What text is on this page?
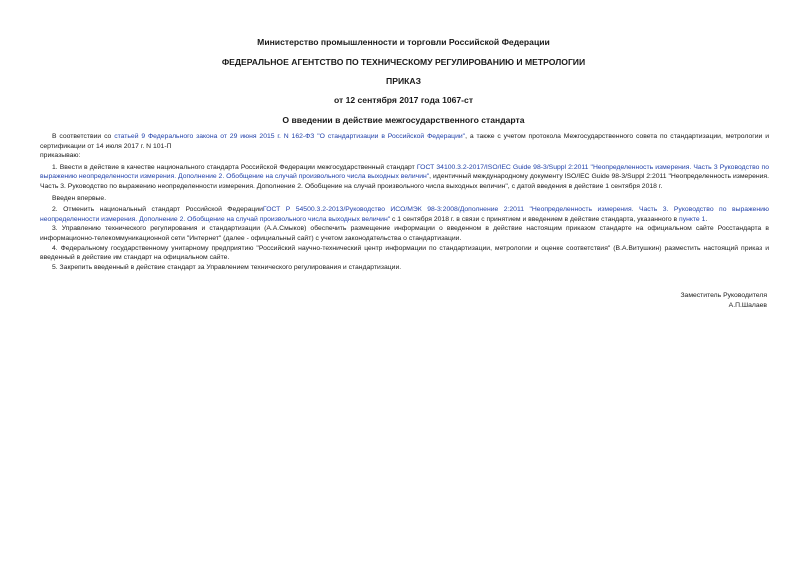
Министерство промышленности и торговли Российской Федерации
ФЕДЕРАЛЬНОЕ АГЕНТСТВО ПО ТЕХНИЧЕСКОМУ РЕГУЛИРОВАНИЮ И МЕТРОЛОГИИ
ПРИКАЗ
от 12 сентября 2017 года 1067-ст
О введении в действие межгосударственного стандарта

В соответствии со статьей 9 Федерального закона от 29 июня 2015 г. N 162-ФЗ "О стандартизации в Российской Федерации", а также с учетом протокола Межгосударственного совета по стандартизации, метрологии и сертификации от 14 июля 2017 г. N 101-П

приказываю:

1. Ввести в действие в качестве национального стандарта Российской Федерации межгосударственный стандарт ГОСТ 34100.3.2-2017/ISO/IEC Guide 98-3/Suppl 2:2011 "Неопределенность измерения. Часть 3 Руководство по выражению неопределенности измерения. Дополнение 2. Обобщение на случай произвольного числа выходных величин", идентичный международному документу ISO/IEC Guide 98-3/Suppl 2:2011 "Неопределенность измерения. Часть 3. Руководство по выражению неопределенности измерения. Дополнение 2. Обобщение на случай произвольного числа выходных величин", с датой введения в действие 1 сентября 2018 г.

Введен впервые.

2. Отменить национальный стандарт Российской ФедерацииГОСТ Р 54500.3.2-2013/Руководство ИСО/МЭК 98-3:2008/Дополнение 2:2011 "Неопределенность измерения. Часть 3. Руководство по выражению неопределенности измерения. Дополнение 2. Обобщение на случай произвольного числа выходных величин" с 1 сентября 2018 г. в связи с принятием и введением в действие стандарта, указанного в пункте 1.

3. Управлению технического регулирования и стандартизации (А.А.Смыков) обеспечить размещение информации о введенном в действие настоящим приказом стандарте на официальном сайте Росстандарта в информационно-телекоммуникационной сети "Интернет" (далее - официальный сайт) с учетом законодательства о стандартизации.

4. Федеральному государственному унитарному предприятию "Российский научно-технический центр информации по стандартизации, метрологии и оценке соответствия" (В.А.Витушкин) разместить настоящий приказ и введенный в действие им стандарт на официальном сайте.

5. Закрепить введенный в действие стандарт за Управлением технического регулирования и стандартизации.

Заместитель Руководителя
А.П.Шалаев
